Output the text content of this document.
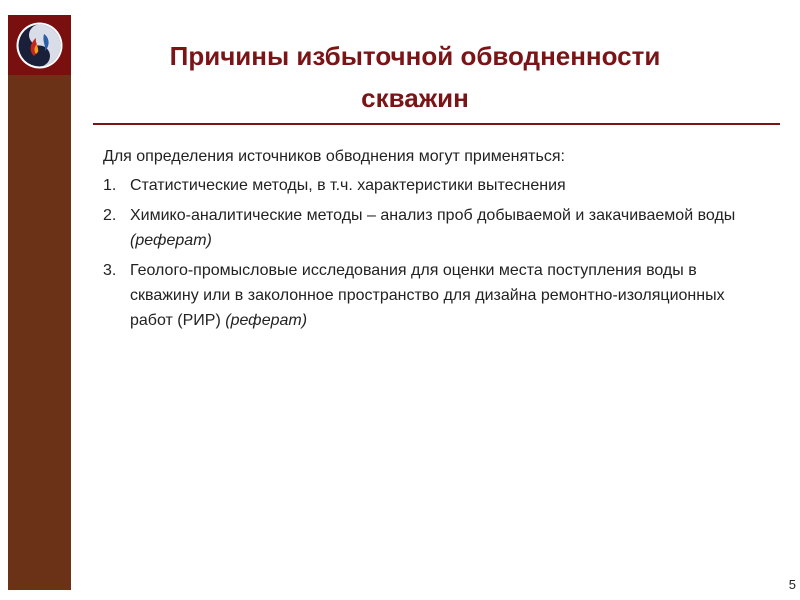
Причины избыточной обводненности
скважин

Для определения источников обводнения могут применяться:

1. Статистические методы, в т.ч. характеристики вытеснения
2. Химико-аналитические методы – анализ проб добываемой и закачиваемой воды (реферат)
3. Геолого-промысловые исследования для оценки места поступления воды в скважину или в заколонное пространство для дизайна ремонтно-изоляционных работ (РИР) (реферат)
5
